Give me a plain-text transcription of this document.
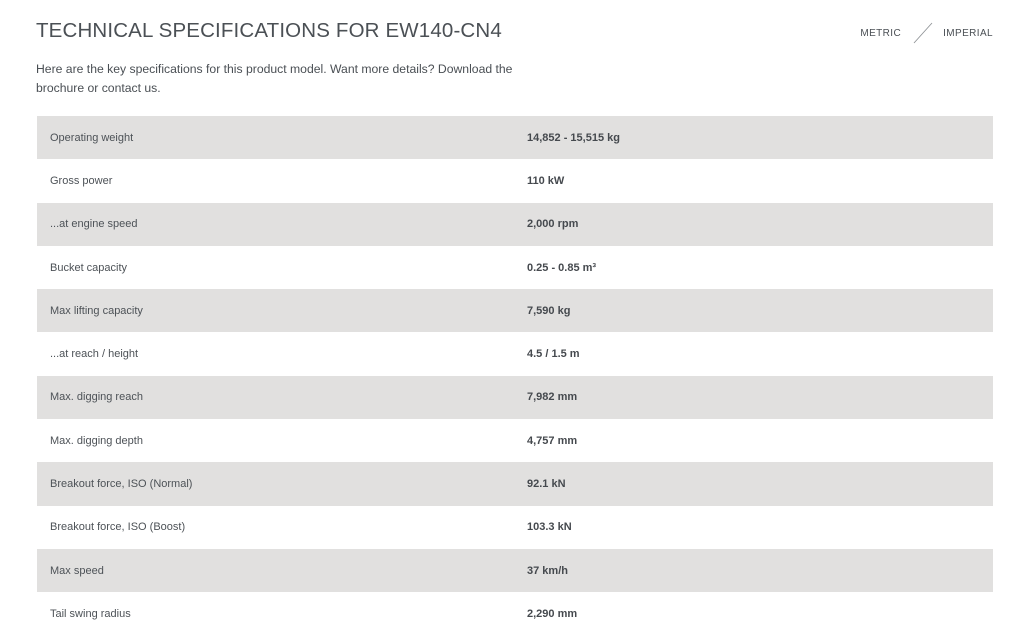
TECHNICAL SPECIFICATIONS FOR EW140-CN4	METRIC	IMPERIAL

Here are the key specifications for this product model. Want more details? Download the brochure or contact us.

Operating weight	14,852 - 15,515 kg
Gross power	110 kW
...at engine speed	2,000 rpm
Bucket capacity	0.25 - 0.85 m³
Max lifting capacity	7,590 kg
...at reach / height	4.5 / 1.5 m
Max. digging reach	7,982 mm
Max. digging depth	4,757 mm
Breakout force, ISO (Normal)	92.1 kN
Breakout force, ISO (Boost)	103.3 kN
Max speed	37 km/h
Tail swing radius	2,290 mm
